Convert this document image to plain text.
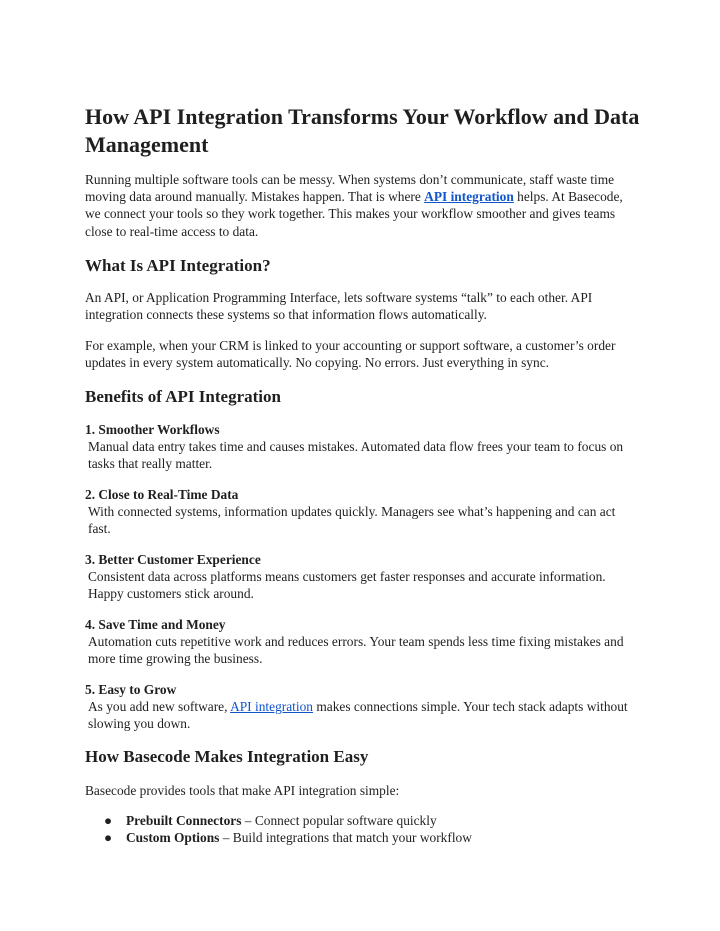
How API Integration Transforms Your Workflow and Data Management

Running multiple software tools can be messy. When systems don’t communicate, staff waste time moving data around manually. Mistakes happen. That is where API integration helps. At Basecode, we connect your tools so they work together. This makes your workflow smoother and gives teams close to real-time access to data.

What Is API Integration?

An API, or Application Programming Interface, lets software systems “talk” to each other. API integration connects these systems so that information flows automatically.

For example, when your CRM is linked to your accounting or support software, a customer’s order updates in every system automatically. No copying. No errors. Just everything in sync.

Benefits of API Integration
1. Smoother Workflows
Manual data entry takes time and causes mistakes. Automated data flow frees your team to focus on tasks that really matter.
2. Close to Real-Time Data
With connected systems, information updates quickly. Managers see what’s happening and can act fast.
3. Better Customer Experience
Consistent data across platforms means customers get faster responses and accurate information. Happy customers stick around.
4. Save Time and Money
Automation cuts repetitive work and reduces errors. Your team spends less time fixing mistakes and more time growing the business.
5. Easy to Grow
As you add new software, API integration makes connections simple. Your tech stack adapts without slowing you down.
How Basecode Makes Integration Easy

Basecode provides tools that make API integration simple:

● Prebuilt Connectors – Connect popular software quickly
● Custom Options – Build integrations that match your workflow
